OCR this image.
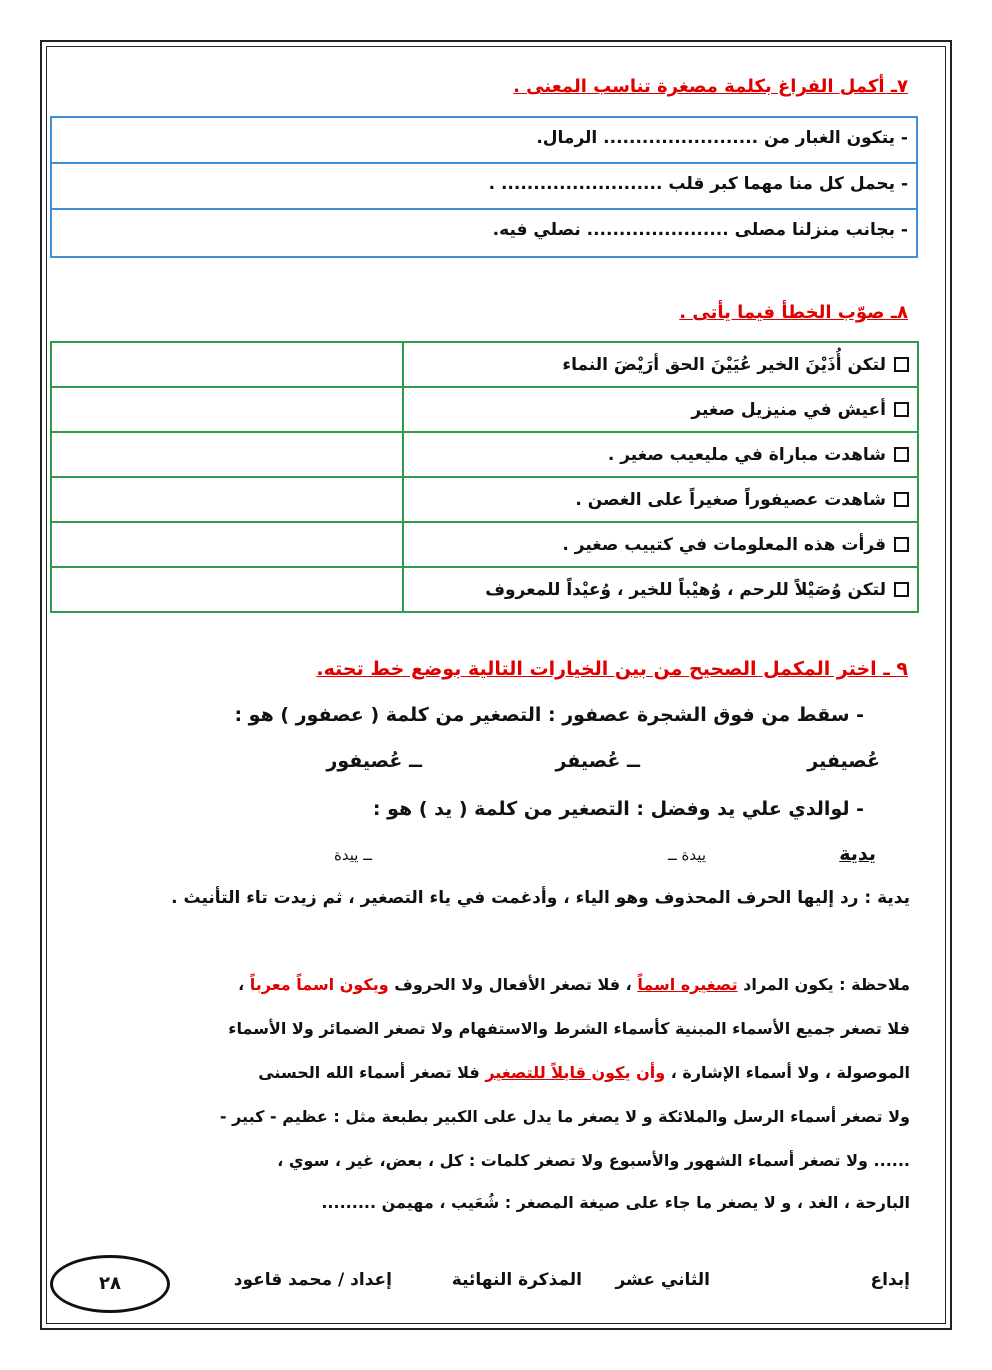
٧ـ أكمل الفراغ بكلمة مصغرة تناسب المعنى .
- يتكون الغبار من ........................ الرمال.
- يحمل كل منا مهما كبر قلب ......................... .
- بجانب منزلنا مصلى ...................... نصلي فيه.
٨ـ صوّب الخطأ فيما يأتى .
	لتكن أُذَيْنَ الخير عُيَيْنَ الحق أرَيْضَ النماء
	أعيش في منيزيل صغير
	شاهدت مباراة في مليعيب صغير .
	شاهدت عصيفوراً صغيراً على الغصن .
	قرأت هذه المعلومات في كتييب صغير .
	لتكن وُصَيْلاً للرحم ، وُهيْباً للخير ، وُعيْداً للمعروف
٩ ـ اختر المكمل الصحيح من بين الخيارات التالية بوضع خط تحته.
- سقط من فوق الشجرة عصفور : التصغير من كلمة ( عصفور ) هو :
عُصيفير
ــ عُصيفر
ــ عُصيفور
- لوالدي علي يد وفضل : التصغير من كلمة ( يد ) هو :
يدية
ييدة ــ
ــ ييدة
يدية : رد إليها الحرف المحذوف وهو الياء ، وأدغمت في ياء التصغير ، ثم زيدت تاء التأنيث .
ملاحظة : يكون المراد تصغيره اسماً ، فلا تصغر الأفعال ولا الحروف ويكون اسماً معرباً ،
فلا تصغر جميع الأسماء المبنية كأسماء الشرط والاستفهام ولا تصغر الضمائر ولا الأسماء
الموصولة ، ولا أسماء الإشارة ، وأن يكون قابلاً للتصغير فلا تصغر أسماء الله الحسنى
ولا تصغر أسماء الرسل والملائكة و لا يصغر ما يدل على الكبير بطبعة مثل : عظيم - كبير -
...... ولا تصغر أسماء الشهور والأسبوع ولا تصغر كلمات : كل ، بعض، غير ، سوي ،
البارحة ، الغد ، و لا يصغر ما جاء على صيغة المصغر : شُعَيب ، مهيمن .........
إبداع
الثاني عشر
المذكرة النهائية
إعداد / محمد قاعود
٢٨
